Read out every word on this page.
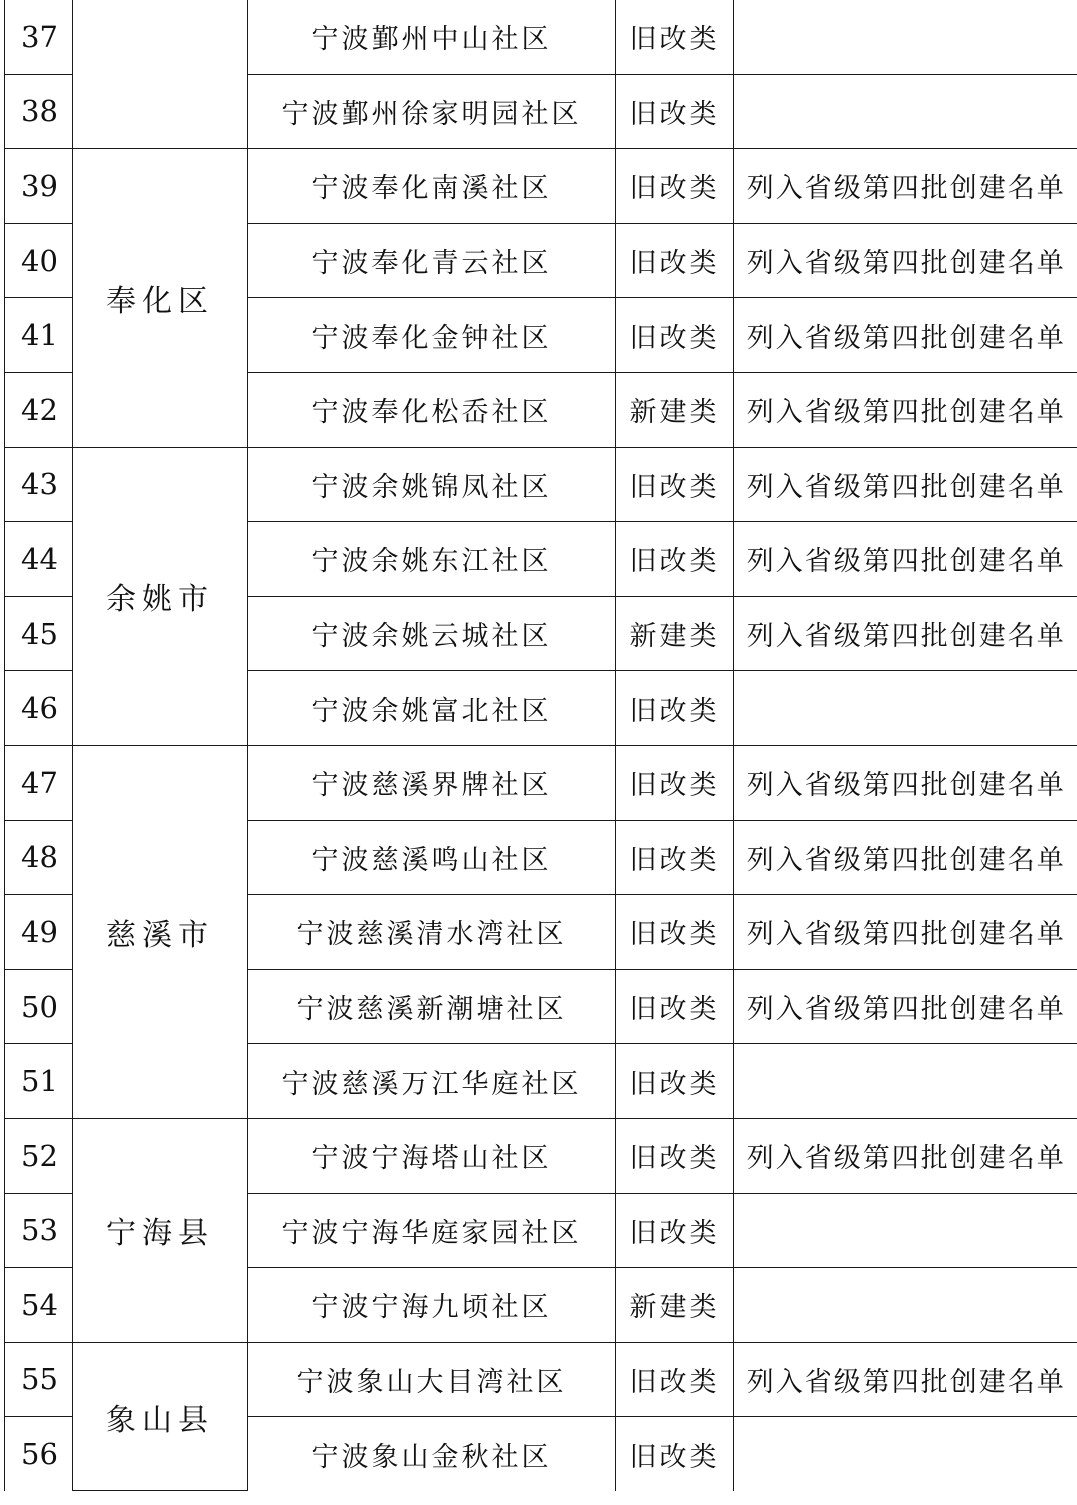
37		宁波鄞州中山社区	旧改类	
38		宁波鄞州徐家明园社区	旧改类	
39	奉化区	宁波奉化南溪社区	旧改类	列入省级第四批创建名单
40		宁波奉化青云社区	旧改类	列入省级第四批创建名单
41		宁波奉化金钟社区	旧改类	列入省级第四批创建名单
42		宁波奉化松岙社区	新建类	列入省级第四批创建名单
43	余姚市	宁波余姚锦凤社区	旧改类	列入省级第四批创建名单
44		宁波余姚东江社区	旧改类	列入省级第四批创建名单
45		宁波余姚云城社区	新建类	列入省级第四批创建名单
46		宁波余姚富北社区	旧改类	
47	慈溪市	宁波慈溪界牌社区	旧改类	列入省级第四批创建名单
48		宁波慈溪鸣山社区	旧改类	列入省级第四批创建名单
49		宁波慈溪清水湾社区	旧改类	列入省级第四批创建名单
50		宁波慈溪新潮塘社区	旧改类	列入省级第四批创建名单
51		宁波慈溪万江华庭社区	旧改类	
52	宁海县	宁波宁海塔山社区	旧改类	列入省级第四批创建名单
53		宁波宁海华庭家园社区	旧改类	
54		宁波宁海九顷社区	新建类	
55	象山县	宁波象山大目湾社区	旧改类	列入省级第四批创建名单
56		宁波象山金秋社区	旧改类	
